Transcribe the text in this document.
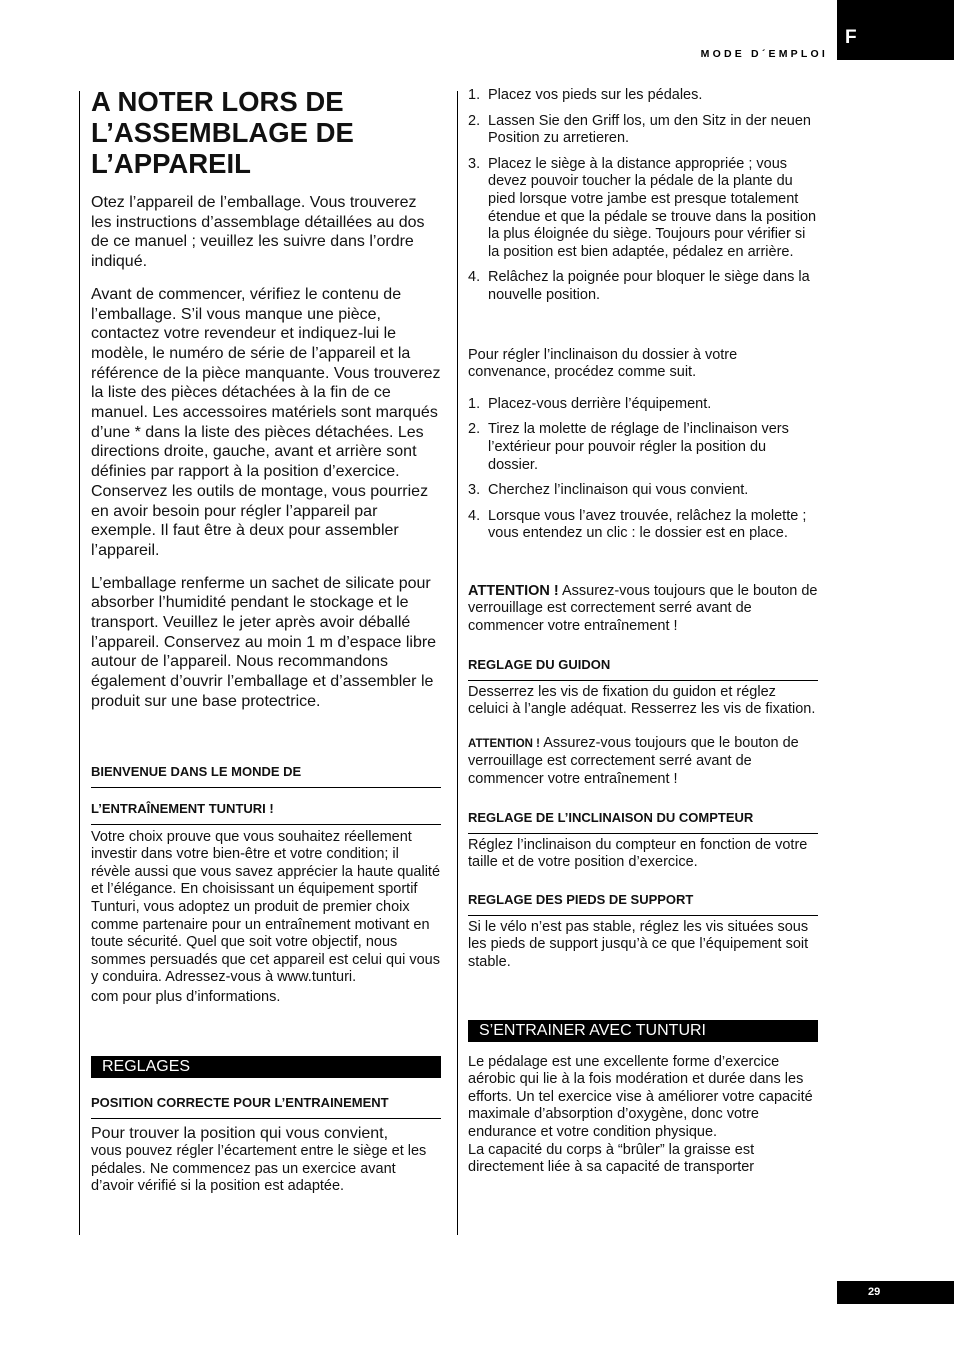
F
MODE D´EMPLOI
A NOTER LORS DE L’ASSEMBLAGE DE L’APPAREIL

Otez l’appareil de l’emballage. Vous trouverez les instructions d’assemblage détaillées au dos de ce manuel ; veuillez les suivre dans l’ordre indiqué.

Avant de commencer, vérifiez le contenu de l’emballage. S’il vous manque une pièce, contactez votre revendeur et indiquez-lui le modèle, le numéro de série de l’appareil et la référence de la pièce manquante. Vous trouverez la liste des pièces détachées à la fin de ce manuel. Les accessoires matériels sont marqués d’une * dans la liste des pièces détachées. Les directions droite, gauche, avant et arrière sont définies par rapport à la position d’exercice. Conservez les outils de montage, vous pourriez en avoir besoin pour régler l’appareil par exemple. Il faut être à deux pour assembler l’appareil.

L’emballage renferme un sachet de silicate pour absorber l’humidité pendant le stockage et le transport. Veuillez le jeter après avoir déballé l’appareil. Conservez au moin 1 m d’espace libre autour de l’appareil. Nous recommandons également d’ouvrir l’emballage et d’assembler le produit sur une base protectrice.

BIENVENUE DANS LE MONDE DE
L’ENTRAÎNEMENT TUNTURI !

Votre choix prouve que vous souhaitez réellement investir dans votre bien-être et votre condition; il révèle aussi que vous savez apprécier la haute qualité et l’élégance. En choisissant un équipement sportif Tunturi, vous adoptez un produit de premier choix comme partenaire pour un entraînement motivant en toute sécurité. Quel que soit votre objectif, nous sommes persuadés que cet appareil est celui qui vous y conduira. Adressez-vous à www.tunturi.

com pour plus d’informations.

REGLAGES
POSITION CORRECTE POUR L’ENTRAINEMENT

Pour trouver la position qui vous convient,

vous pouvez régler l’écartement entre le siège et les pédales. Ne commencez pas un exercice avant d’avoir vérifié si la position est adaptée.

1. Placez vos pieds sur les pédales.
2. Lassen Sie den Griff los, um den Sitz in der neuen Position zu arretieren.
3. Placez le siège à la distance appropriée ; vous devez pouvoir toucher la pédale de la plante du pied lorsque votre jambe est presque totalement étendue et que la pédale se trouve dans la position la plus éloignée du siège. Toujours pour vérifier si la position est bien adaptée, pédalez en arrière.
4. Relâchez la poignée pour bloquer le siège dans la nouvelle position.

Pour régler l’inclinaison du dossier à votre convenance, procédez comme suit.

1. Placez-vous derrière l’équipement.
2. Tirez la molette de réglage de l’inclinaison vers l’extérieur pour pouvoir régler la position du dossier.
3. Cherchez l’inclinaison qui vous convient.
4. Lorsque vous l’avez trouvée, relâchez la molette ; vous entendez un clic : le dossier est en place.

ATTENTION ! Assurez-vous toujours que le bouton de verrouillage est correctement serré avant de commencer votre entraînement !

REGLAGE DU GUIDON

Desserrez les vis de fixation du guidon et réglez celuici à l’angle adéquat. Resserrez les vis de fixation.

ATTENTION ! Assurez-vous toujours que le bouton de verrouillage est correctement serré avant de commencer votre entraînement !

REGLAGE DE L’INCLINAISON DU COMPTEUR

Réglez l’inclinaison du compteur en fonction de votre taille et de votre position d’exercice.

REGLAGE DES PIEDS DE SUPPORT

Si le vélo n’est pas stable, réglez les vis situées sous les pieds de support jusqu’à ce que l’équipement soit stable.

S’ENTRAINER AVEC TUNTURI

Le pédalage est une excellente forme d’exercice aérobic qui lie à la fois modération et durée dans les efforts. Un tel exercice vise à améliorer votre capacité maximale d’absorption d’oxygène, donc votre endurance et votre condition physique.

La capacité du corps à “brûler” la graisse est directement liée à sa capacité de transporter

29
